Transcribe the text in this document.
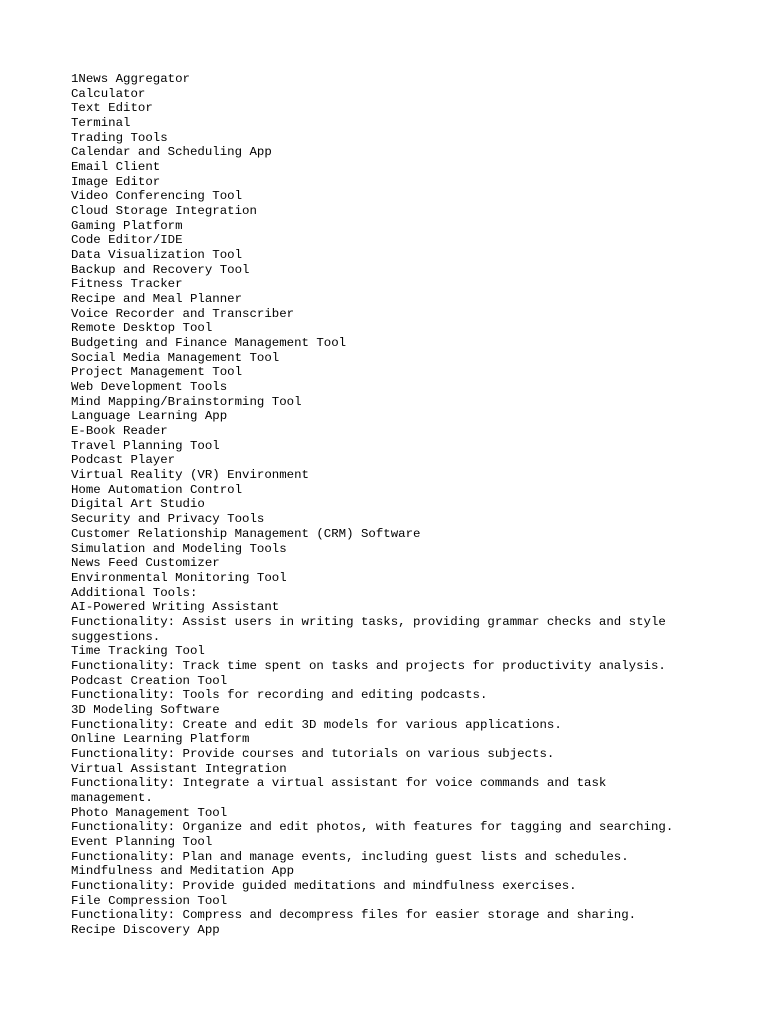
1News Aggregator
Calculator
Text Editor
Terminal
Trading Tools
Calendar and Scheduling App
Email Client
Image Editor
Video Conferencing Tool
Cloud Storage Integration
Gaming Platform
Code Editor/IDE
Data Visualization Tool
Backup and Recovery Tool
Fitness Tracker
Recipe and Meal Planner
Voice Recorder and Transcriber
Remote Desktop Tool
Budgeting and Finance Management Tool
Social Media Management Tool
Project Management Tool
Web Development Tools
Mind Mapping/Brainstorming Tool
Language Learning App
E-Book Reader
Travel Planning Tool
Podcast Player
Virtual Reality (VR) Environment
Home Automation Control
Digital Art Studio
Security and Privacy Tools
Customer Relationship Management (CRM) Software
Simulation and Modeling Tools
News Feed Customizer
Environmental Monitoring Tool
Additional Tools:
AI-Powered Writing Assistant
Functionality: Assist users in writing tasks, providing grammar checks and style
suggestions.
Time Tracking Tool
Functionality: Track time spent on tasks and projects for productivity analysis.
Podcast Creation Tool
Functionality: Tools for recording and editing podcasts.
3D Modeling Software
Functionality: Create and edit 3D models for various applications.
Online Learning Platform
Functionality: Provide courses and tutorials on various subjects.
Virtual Assistant Integration
Functionality: Integrate a virtual assistant for voice commands and task
management.
Photo Management Tool
Functionality: Organize and edit photos, with features for tagging and searching.
Event Planning Tool
Functionality: Plan and manage events, including guest lists and schedules.
Mindfulness and Meditation App
Functionality: Provide guided meditations and mindfulness exercises.
File Compression Tool
Functionality: Compress and decompress files for easier storage and sharing.
Recipe Discovery App
